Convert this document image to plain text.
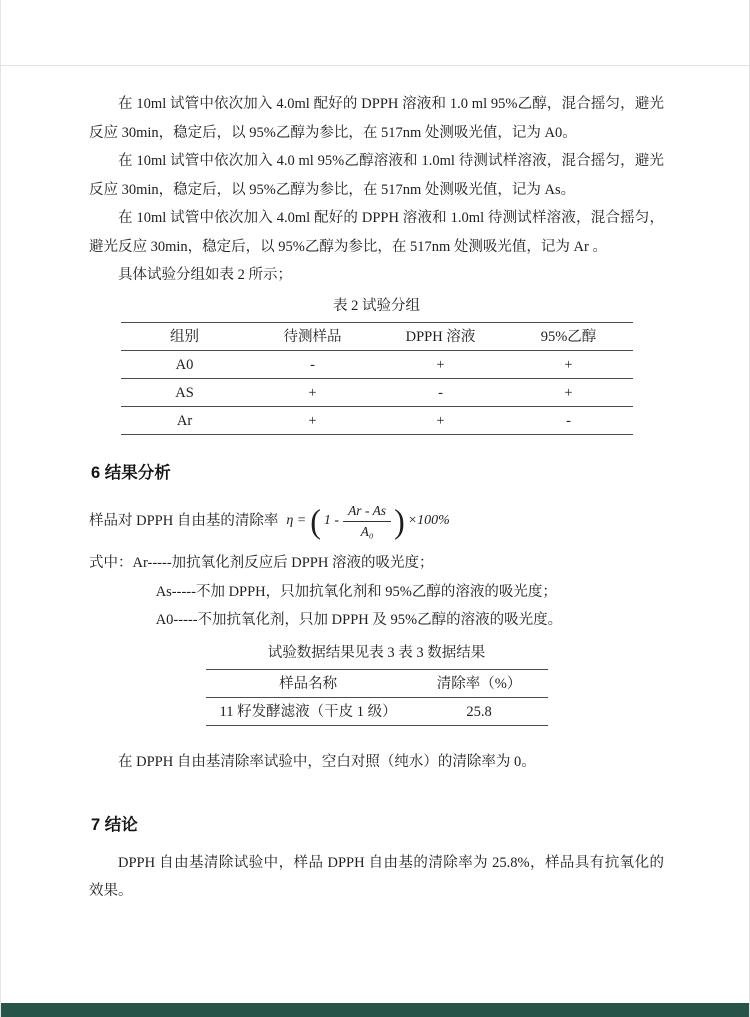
在 10ml 试管中依次加入 4.0ml 配好的 DPPH 溶液和 1.0 ml 95%乙醇，混合摇匀，避光反应 30min，稳定后，以 95%乙醇为参比，在 517nm 处测吸光值，记为 A0。

在 10ml 试管中依次加入 4.0 ml 95%乙醇溶液和 1.0ml 待测试样溶液，混合摇匀，避光反应 30min，稳定后，以 95%乙醇为参比，在 517nm 处测吸光值，记为 As。

在 10ml 试管中依次加入 4.0ml 配好的 DPPH 溶液和 1.0ml 待测试样溶液，混合摇匀，避光反应 30min，稳定后，以 95%乙醇为参比，在 517nm 处测吸光值，记为 Ar 。

具体试验分组如表 2 所示；

表 2 试验分组
组别	待测样品	DPPH 溶液	95%乙醇
A0	-	+	+
AS	+	-	+
Ar	+	+	-
6 结果分析
样品对 DPPH 自由基的清除率 η = ( $1 - \frac{Ar - As}{\text{A₀}}$ ) ×100%

式中：Ar-----加抗氧化剂反应后 DPPH 溶液的吸光度；

As-----不加 DPPH，只加抗氧化剂和 95%乙醇的溶液的吸光度；

A0-----不加抗氧化剂，只加 DPPH 及 95%乙醇的溶液的吸光度。

试验数据结果见表 3 表 3 数据结果
样品名称	清除率（%）
11 籽发酵滤液（干皮 1 级）	25.8

在 DPPH 自由基清除率试验中，空白对照（纯水）的清除率为 0。

7 结论

DPPH 自由基清除试验中，样品 DPPH 自由基的清除率为 25.8%，样品具有抗氧化的效果。
